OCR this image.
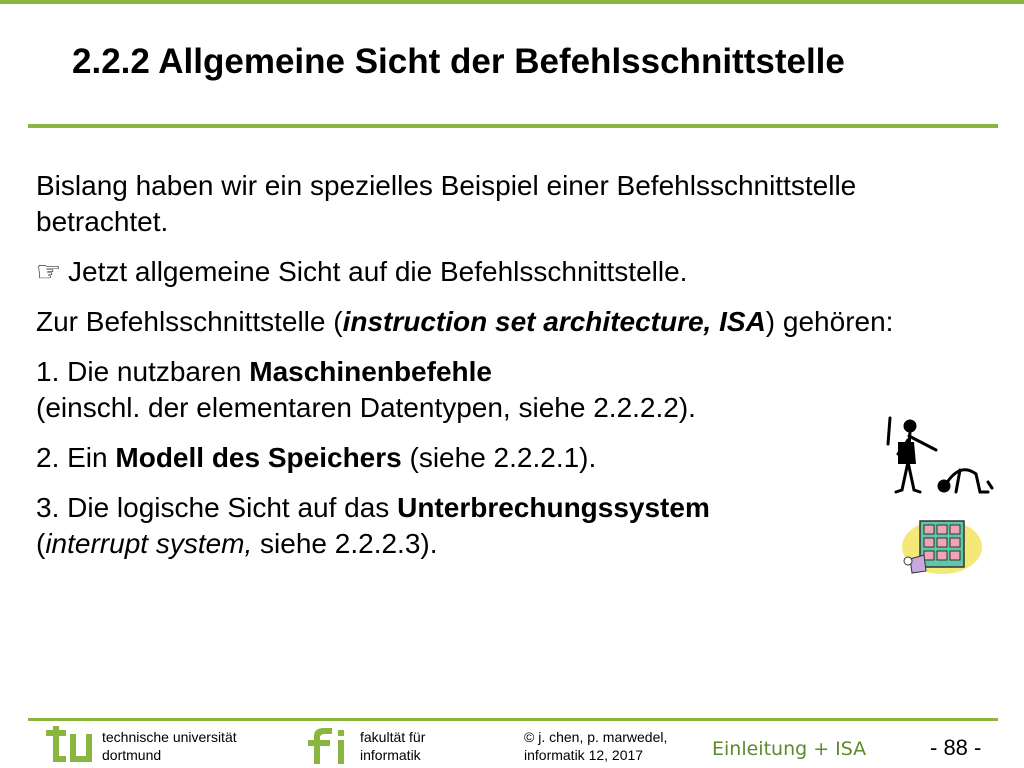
2.2.2 Allgemeine Sicht der Befehlsschnittstelle

Bislang haben wir ein spezielles Beispiel einer Befehlsschnittstelle betrachtet.

☞ Jetzt allgemeine Sicht auf die Befehlsschnittstelle.

Zur Befehlsschnittstelle (instruction set architecture, ISA) gehören:

1. Die nutzbaren Maschinenbefehle
(einschl. der elementaren Datentypen, siehe 2.2.2.2).

2. Ein Modell des Speichers (siehe 2.2.2.1).

3. Die logische Sicht auf das Unterbrechungssystem
(interrupt system, siehe 2.2.2.3).

technische universität
dortmund
fakultät für
informatik
© j. chen, p. marwedel,
informatik 12, 2017	Einleitung + ISA	- 88 -
